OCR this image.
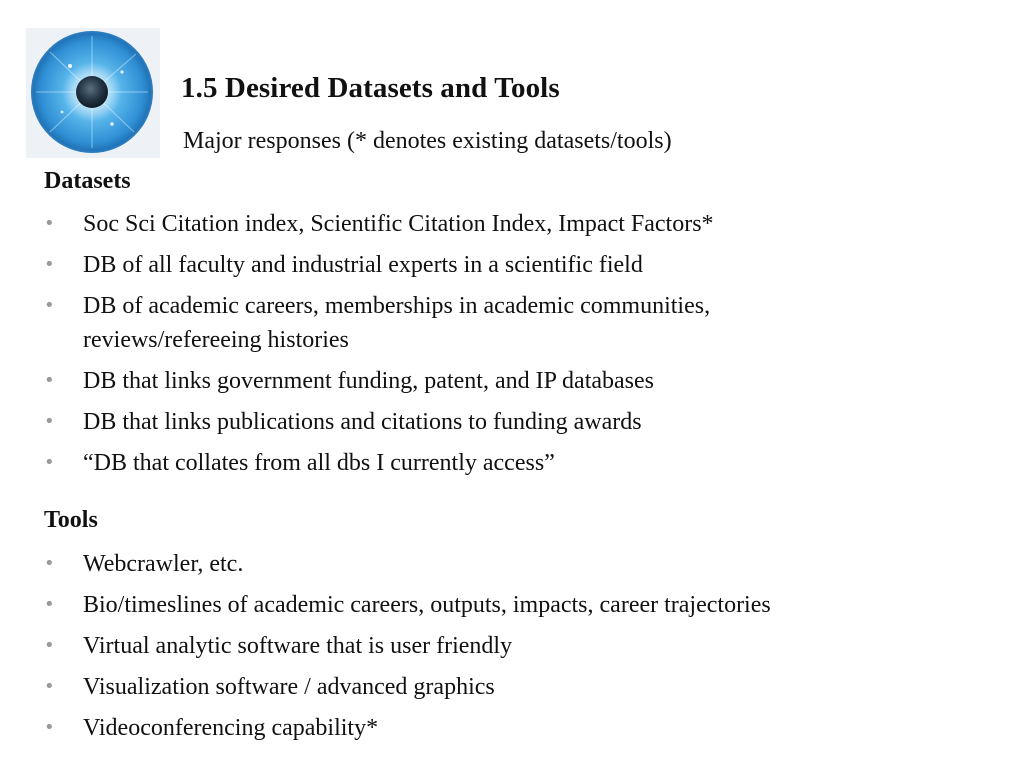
1.5 Desired Datasets and Tools
Major responses (* denotes existing datasets/tools)
Datasets
• Soc Sci Citation index, Scientific Citation Index, Impact Factors*
• DB of all faculty and industrial experts in a scientific field
• DB of academic careers, memberships in academic communities,
reviews/refereeing histories
• DB that links government funding, patent, and IP databases
• DB that links publications and citations to funding awards
• “DB that collates from all dbs I currently access”
Tools
• Webcrawler, etc.
• Bio/timeslines of academic careers, outputs, impacts, career trajectories
• Virtual analytic software that is user friendly
• Visualization software / advanced graphics
• Videoconferencing capability*
